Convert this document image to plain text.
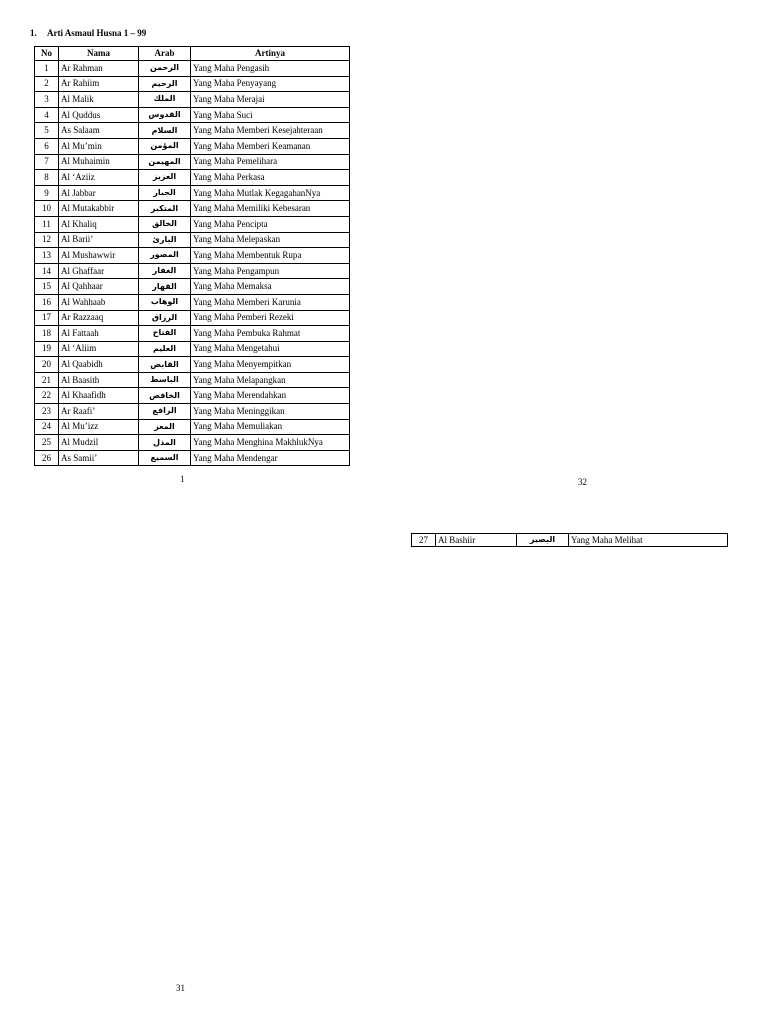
1. Arti Asmaul Husna 1 – 99
No	Nama	Arab	Artinya
1	Ar Rahman	الرحمن	Yang Maha Pengasih
2	Ar Rahiim	الرحيم	Yang Maha Penyayang
3	Al Malik	الملك	Yang Maha Merajai
4	Al Quddus	القدوس	Yang Maha Suci
5	As Salaam	السلام	Yang Maha Memberi Kesejahteraan
6	Al Mu’min	المؤمن	Yang Maha Memberi Keamanan
7	Al Muhaimin	المهيمن	Yang Maha Pemelihara
8	Al ‘Aziiz	العزيز	Yang Maha Perkasa
9	Al Jabbar	الجبار	Yang Maha Mutlak KegagahanNya
10	Al Mutakabbir	المتكبر	Yang Maha Memiliki Kebesaran
11	Al Khaliq	الخالق	Yang Maha Pencipta
12	Al Barii’	البارئ	Yang Maha Melepaskan
13	Al Mushawwir	المصور	Yang Maha Membentuk Rupa
14	Al Ghaffaar	الغفار	Yang Maha Pengampun
15	Al Qahhaar	القهار	Yang Maha Memaksa
16	Al Wahhaab	الوهاب	Yang Maha Memberi Karunia
17	Ar Razzaaq	الرزاق	Yang Maha Pemberi Rezeki
18	Al Fattaah	الفتاح	Yang Maha Pembuka Rahmat
19	Al ‘Aliim	العليم	Yang Maha Mengetahui
20	Al Qaabidh	القابض	Yang Maha Menyempitkan
21	Al Baasith	الباسط	Yang Maha Melapangkan
22	Al Khaafidh	الخافض	Yang Maha Merendahkan
23	Ar Raafi’	الرافع	Yang Maha Meninggikan
24	Al Mu’izz	المعز	Yang Maha Memuliakan
25	Al Mudzil	المذل	Yang Maha Menghina MakhlukNya
26	As Samii’	السميع	Yang Maha Mendengar
1	32
27	Al Bashiir	البصير	Yang Maha Melihat
31
